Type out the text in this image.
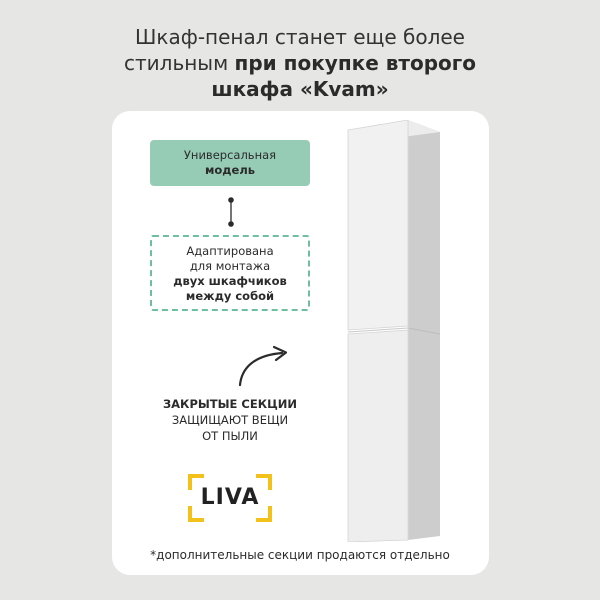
Шкаф-пенал станет еще более
стильным при покупке второго
шкафа «Kvam»
Универсальная
модель
Адаптирована
для монтажа
двух шкафчиков
между собой
ЗАКРЫТЫЕ СЕКЦИИ
ЗАЩИЩАЮТ ВЕЩИ
ОТ ПЫЛИ
LIVA
*дополнительные секции продаются отдельно
